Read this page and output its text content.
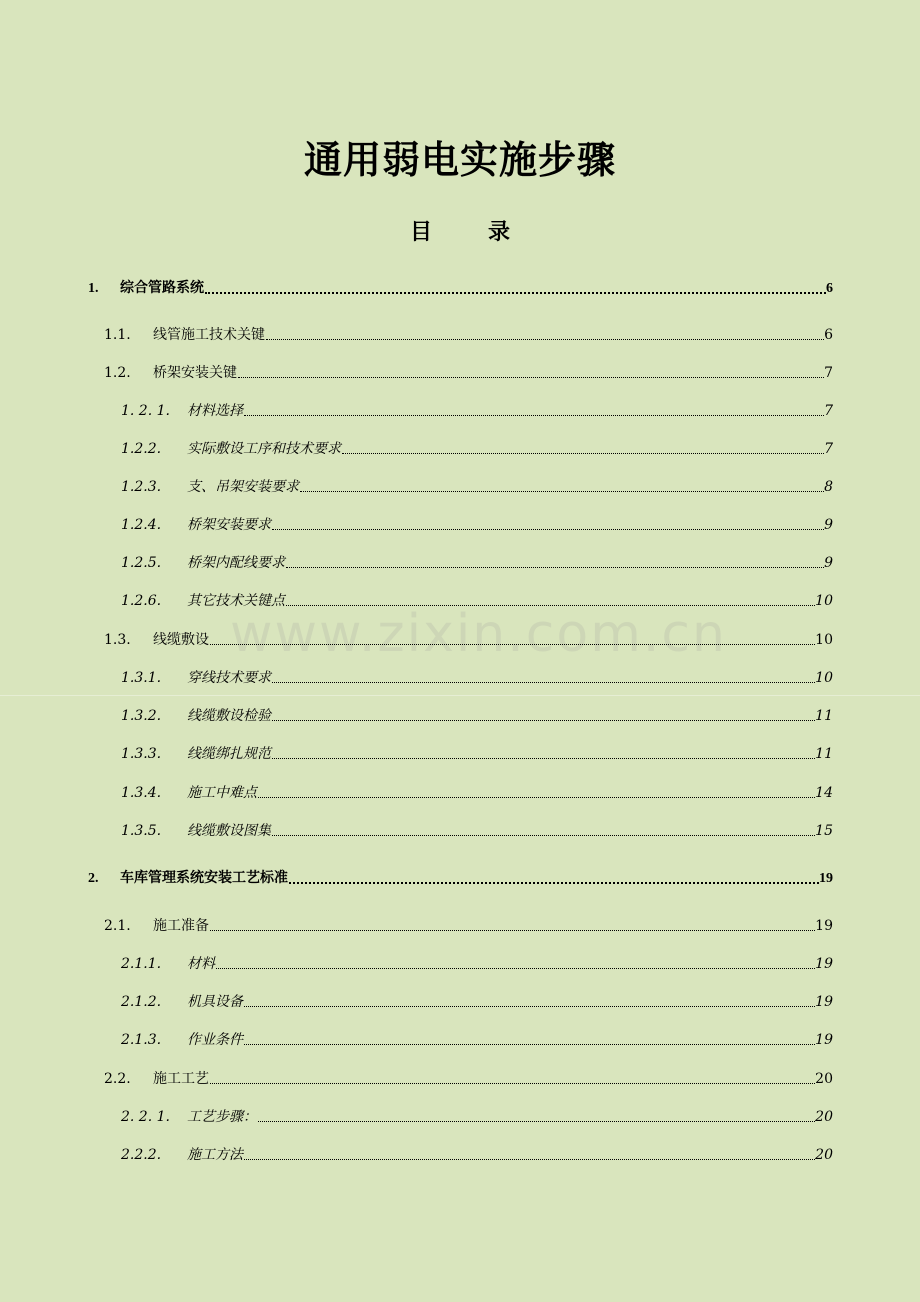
通用弱电实施步骤
目	录
www.zixin.com.cn
1.	综合管路系统	6
1.1.	线管施工技术关键	6
1.2.	桥架安装关键	7
1. 2. 1.	材料选择	7
1.2.2.	实际敷设工序和技术要求	7
1.2.3.	支、吊架安装要求	8
1.2.4.	桥架安装要求	9
1.2.5.	桥架内配线要求	9
1.2.6.	其它技术关键点	10
1.3.	线缆敷设	10
1.3.1.	穿线技术要求	10
1.3.2.	线缆敷设检验	11
1.3.3.	线缆绑扎规范	11
1.3.4.	施工中难点	14
1.3.5.	线缆敷设图集	15
2.	车库管理系统安装工艺标准	19
2.1.	施工准备	19
2.1.1.	材料	19
2.1.2.	机具设备	19
2.1.3.	作业条件	19
2.2.	施工工艺	20
2. 2. 1.	工艺步骤：	20
2.2.2.	施工方法	20
